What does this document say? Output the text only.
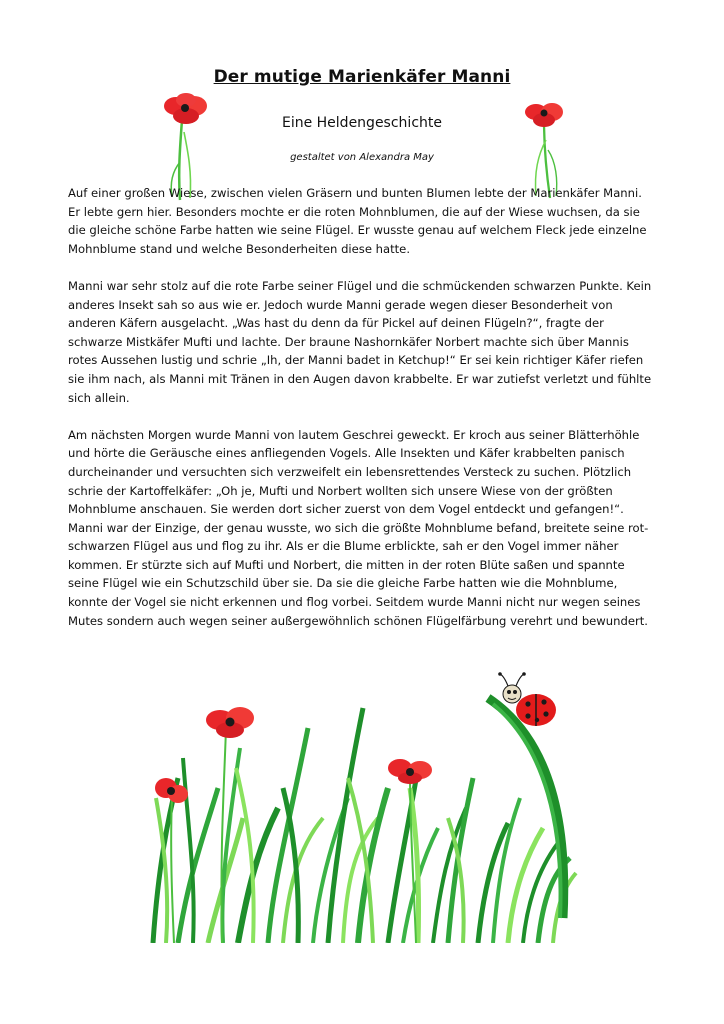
Der mutige Marienkäfer Manni
Eine Heldengeschichte
gestaltet von Alexandra May

Auf einer großen Wiese, zwischen vielen Gräsern und bunten Blumen lebte der Marienkäfer Manni. Er lebte gern hier. Besonders mochte er die roten Mohnblumen, die auf der Wiese wuchsen, da sie die gleiche schöne Farbe hatten wie seine Flügel. Er wusste genau auf welchem Fleck jede einzelne Mohnblume stand und welche Besonderheiten diese hatte.

Manni war sehr stolz auf die rote Farbe seiner Flügel und die schmückenden schwarzen Punkte. Kein anderes Insekt sah so aus wie er. Jedoch wurde Manni gerade wegen dieser Besonderheit von anderen Käfern ausgelacht. „Was hast du denn da für Pickel auf deinen Flügeln?“, fragte der schwarze Mistkäfer Mufti und lachte. Der braune Nashornkäfer Norbert machte sich über Mannis rotes Aussehen lustig und schrie „Ih, der Manni badet in Ketchup!“ Er sei kein richtiger Käfer riefen sie ihm nach, als Manni mit Tränen in den Augen davon krabbelte. Er war zutiefst verletzt und fühlte sich allein.

Am nächsten Morgen wurde Manni von lautem Geschrei geweckt. Er kroch aus seiner Blätterhöhle und hörte die Geräusche eines anfliegenden Vogels. Alle Insekten und Käfer krabbelten panisch durcheinander und versuchten sich verzweifelt ein lebensrettendes Versteck zu suchen. Plötzlich schrie der Kartoffelkäfer: „Oh je, Mufti und Norbert wollten sich unsere Wiese von der größten Mohnblume anschauen. Sie werden dort sicher zuerst von dem Vogel entdeckt und gefangen!“. Manni war der Einzige, der genau wusste, wo sich die größte Mohnblume befand, breitete seine rot-schwarzen Flügel aus und flog zu ihr. Als er die Blume erblickte, sah er den Vogel immer näher kommen. Er stürzte sich auf Mufti und Norbert, die mitten in der roten Blüte saßen und spannte seine Flügel wie ein Schutzschild über sie. Da sie die gleiche Farbe hatten wie die Mohnblume, konnte der Vogel sie nicht erkennen und flog vorbei. Seitdem wurde Manni nicht nur wegen seines Mutes sondern auch wegen seiner außergewöhnlich schönen Flügelfärbung verehrt und bewundert.
